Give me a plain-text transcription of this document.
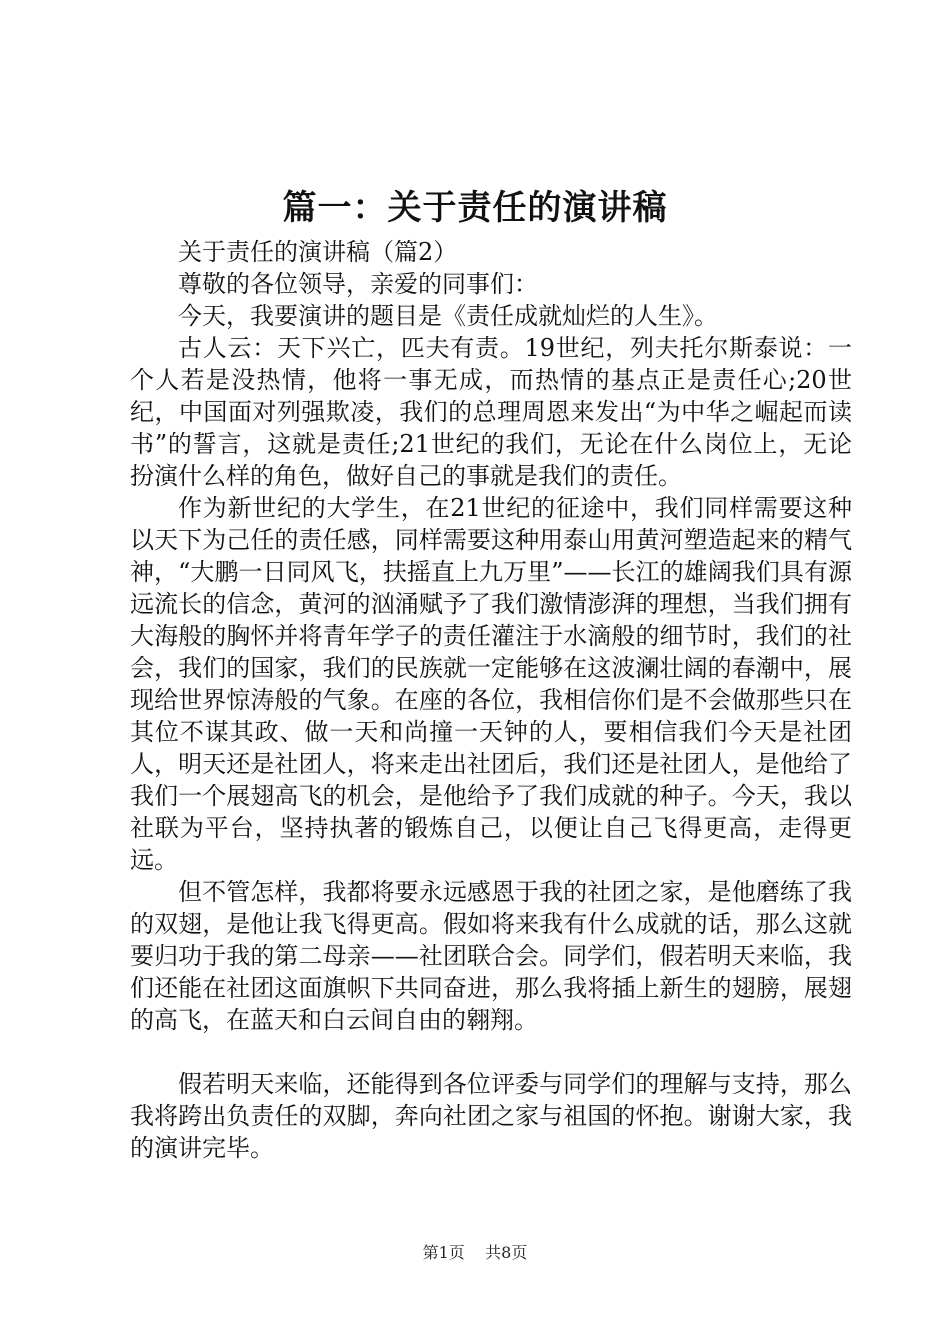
篇一：关于责任的演讲稿

关于责任的演讲稿（篇2）

尊敬的各位领导，亲爱的同事们：

今天，我要演讲的题目是《责任成就灿烂的人生》。

古人云：天下兴亡，匹夫有责。19世纪，列夫托尔斯泰说：一个人若是没热情，他将一事无成，而热情的基点正是责任心;20世纪，中国面对列强欺凌，我们的总理周恩来发出“为中华之崛起而读书”的誓言，这就是责任;21世纪的我们，无论在什么岗位上，无论扮演什么样的角色，做好自己的事就是我们的责任。

作为新世纪的大学生，在21世纪的征途中，我们同样需要这种以天下为己任的责任感，同样需要这种用泰山用黄河塑造起来的精气神，“大鹏一日同风飞，扶摇直上九万里”——长江的雄阔我们具有源远流长的信念，黄河的汹涌赋予了我们激情澎湃的理想，当我们拥有大海般的胸怀并将青年学子的责任灌注于水滴般的细节时，我们的社会，我们的国家，我们的民族就一定能够在这波澜壮阔的春潮中，展现给世界惊涛般的气象。在座的各位，我相信你们是不会做那些只在其位不谋其政、做一天和尚撞一天钟的人，要相信我们今天是社团人，明天还是社团人，将来走出社团后，我们还是社团人，是他给了我们一个展翅高飞的机会，是他给予了我们成就的种子。今天，我以社联为平台，坚持执著的锻炼自己，以便让自己飞得更高，走得更远。

但不管怎样，我都将要永远感恩于我的社团之家，是他磨练了我的双翅，是他让我飞得更高。假如将来我有什么成就的话，那么这就要归功于我的第二母亲——社团联合会。同学们，假若明天来临，我们还能在社团这面旗帜下共同奋进，那么我将插上新生的翅膀，展翅的高飞，在蓝天和白云间自由的翱翔。

假若明天来临，还能得到各位评委与同学们的理解与支持，那么我将跨出负责任的双脚，奔向社团之家与祖国的怀抱。谢谢大家，我的演讲完毕。

第1页 共8页
